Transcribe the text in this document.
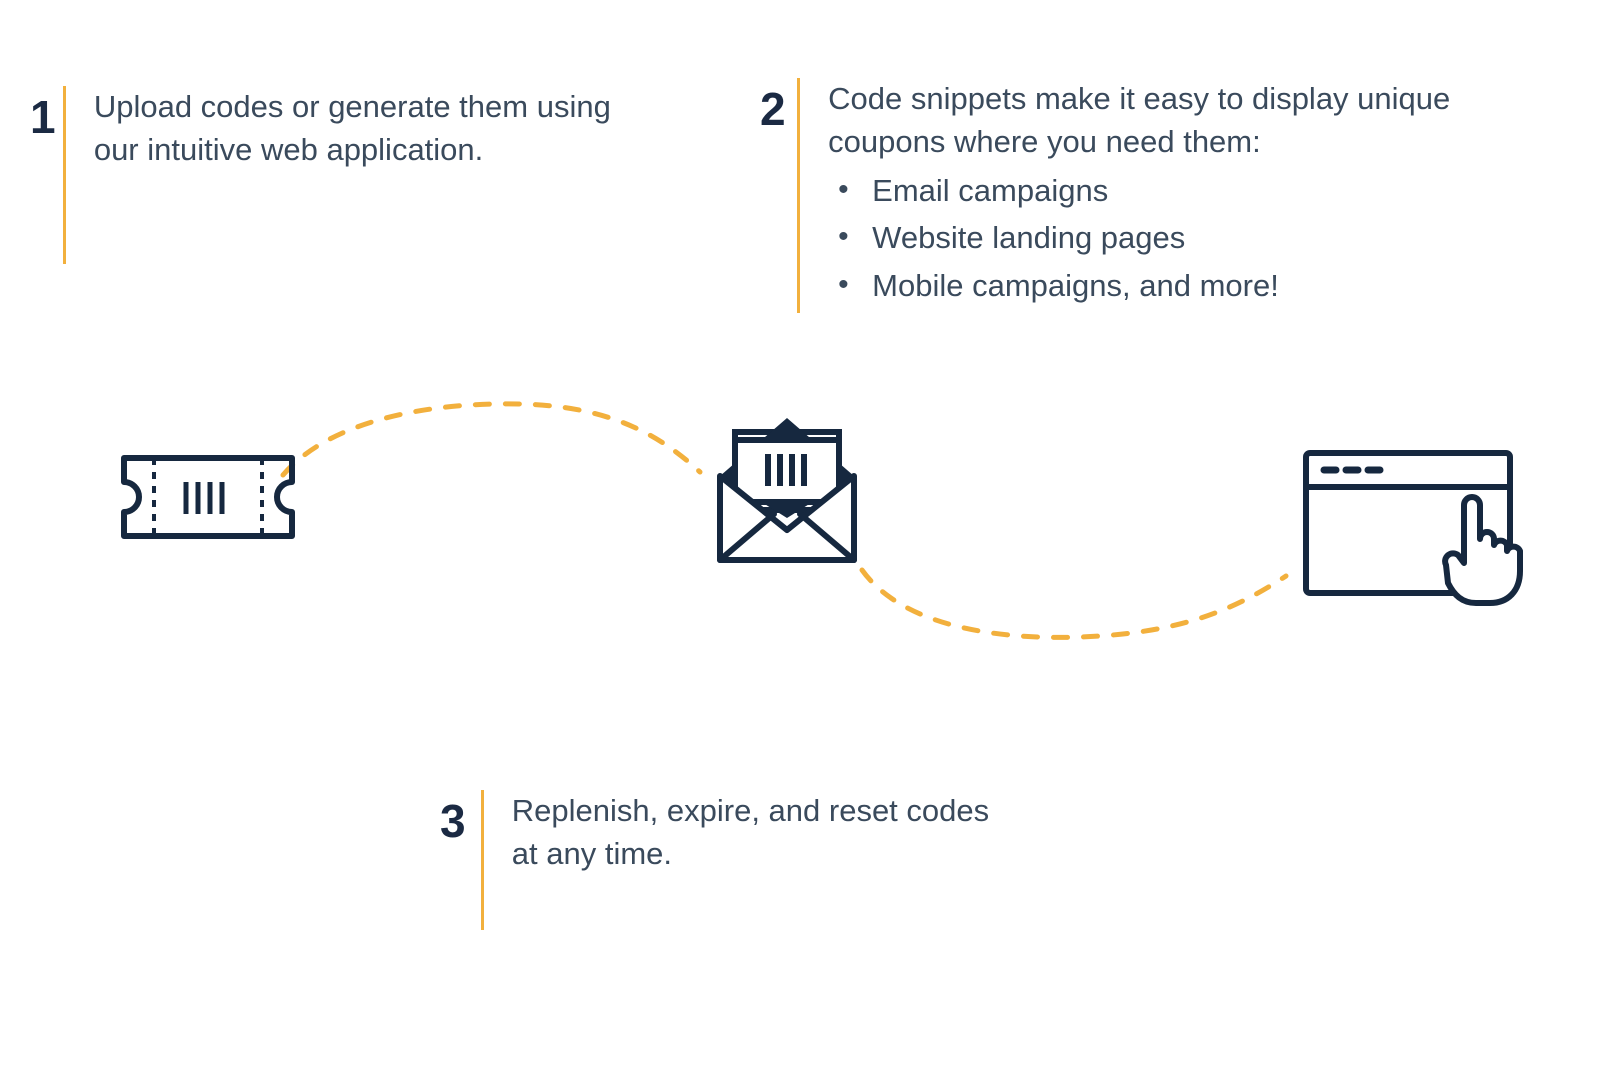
1 Upload codes or generate them using our intuitive web application.

2	Code snippets make it easy to display unique coupons where you need them:

• Email campaigns
• Website landing pages
• Mobile campaigns, and more!
3	Replenish, expire, and reset codes at any time.
